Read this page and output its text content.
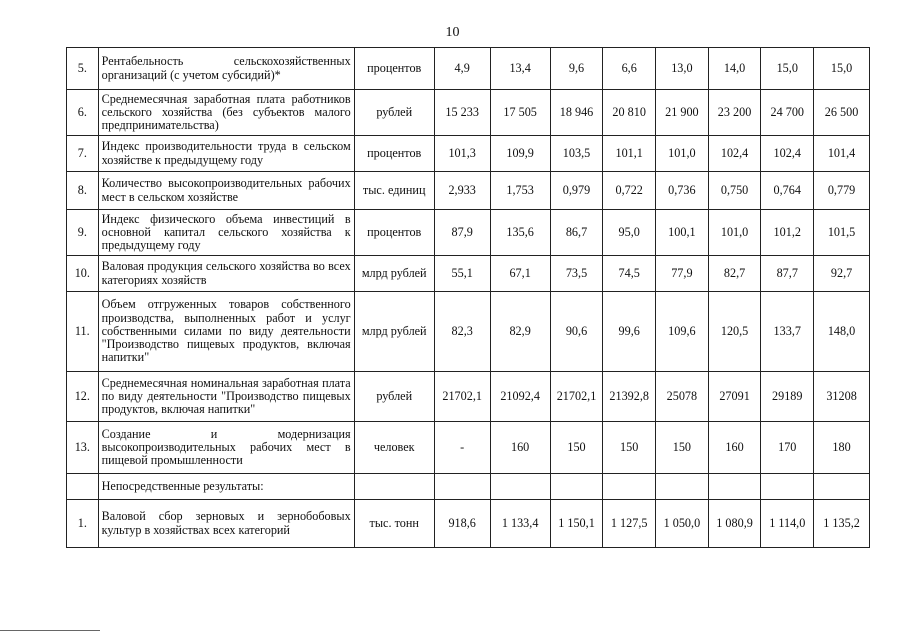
10
5.	Рентабельность сельскохозяйственных организаций (с учетом субсидий)*	процентов	4,9	13,4	9,6	6,6	13,0	14,0	15,0	15,0
6.	Среднемесячная заработная плата работников сельского хозяйства (без субъектов малого предпринимательства)	рублей	15 233	17 505	18 946	20 810	21 900	23 200	24 700	26 500
7.	Индекс производительности труда в сельском хозяйстве к предыдущему году	процентов	101,3	109,9	103,5	101,1	101,0	102,4	102,4	101,4
8.	Количество высокопроизводительных рабочих мест в сельском хозяйстве	тыс. единиц	2,933	1,753	0,979	0,722	0,736	0,750	0,764	0,779
9.	Индекс физического объема инвестиций в основной капитал сельского хозяйства к предыдущему году	процентов	87,9	135,6	86,7	95,0	100,1	101,0	101,2	101,5
10.	Валовая продукция сельского хозяйства во всех категориях хозяйств	млрд рублей	55,1	67,1	73,5	74,5	77,9	82,7	87,7	92,7
11.	Объем отгруженных товаров собственного производства, выполненных работ и услуг собственными силами по виду деятельности "Производство пищевых продуктов, включая напитки"	млрд рублей	82,3	82,9	90,6	99,6	109,6	120,5	133,7	148,0
12.	Среднемесячная номинальная заработная плата по виду деятельности "Производство пищевых продуктов, включая напитки"	рублей	21702,1	21092,4	21702,1	21392,8	25078	27091	29189	31208
13.	Создание и модернизация высокопроизводительных рабочих мест в пищевой промышленности	человек	-	160	150	150	150	160	170	180
	Непосредственные результаты:									
1.	Валовой сбор зерновых и зернобобовых культур в хозяйствах всех категорий	тыс. тонн	918,6	1 133,4	1 150,1	1 127,5	1 050,0	1 080,9	1 114,0	1 135,2
